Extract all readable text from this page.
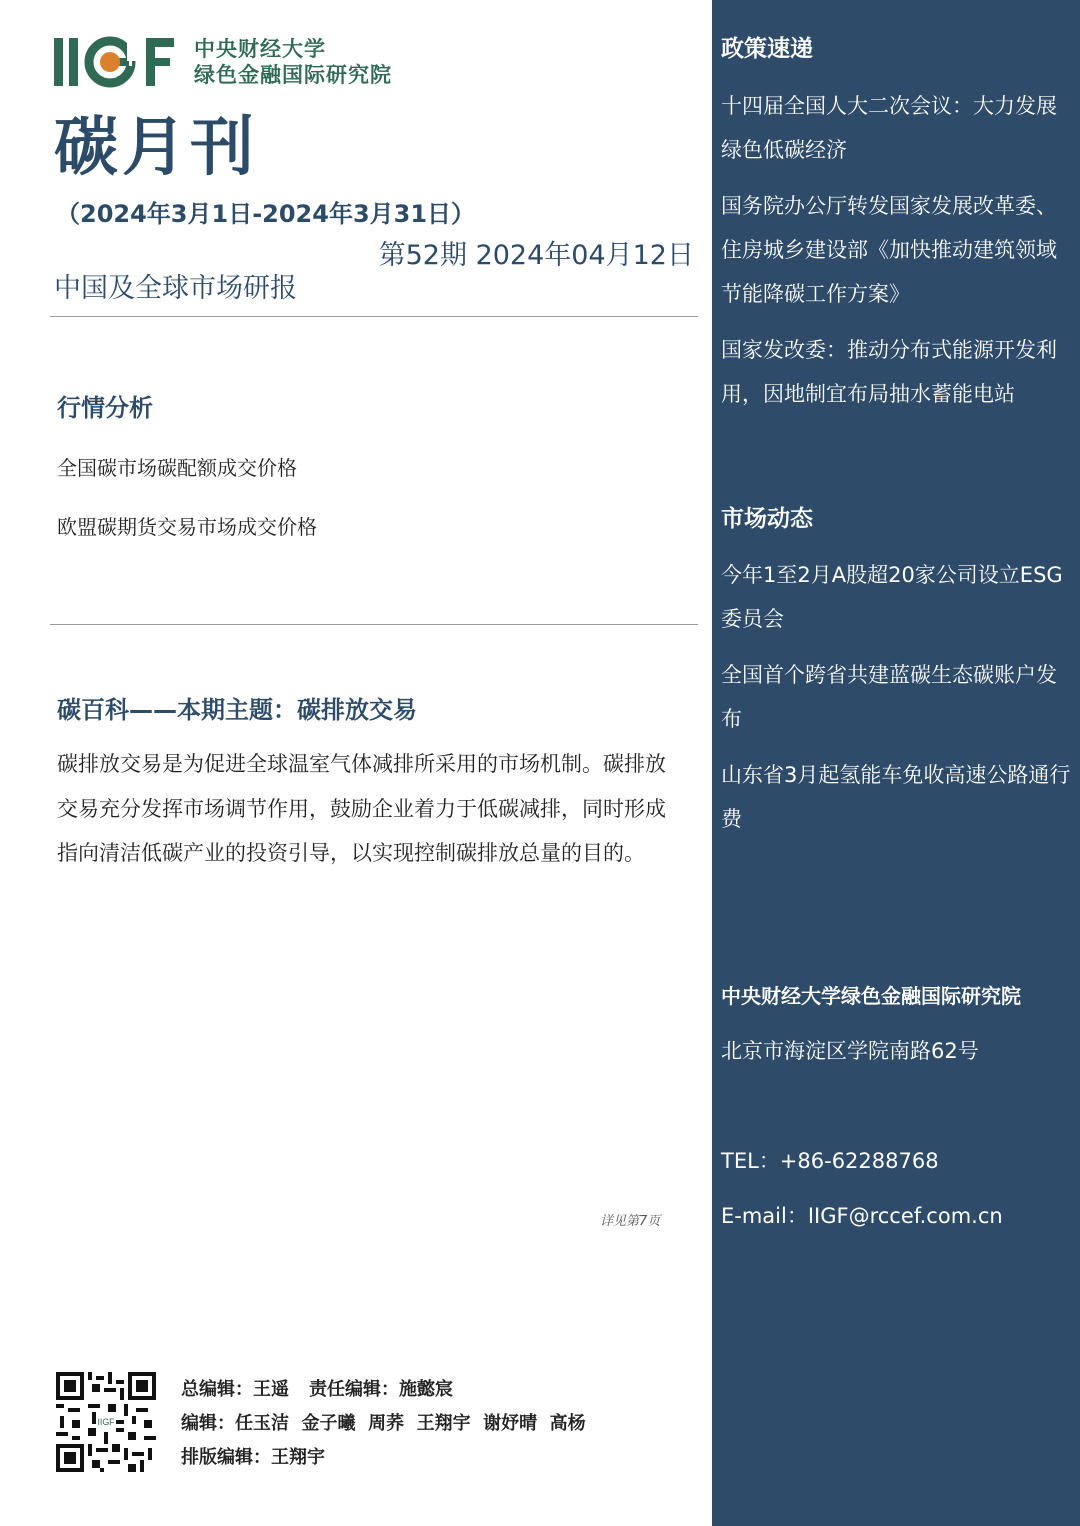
中央财经大学
绿色金融国际研究院
碳月刊
（2024年3月1日-2024年3月31日）
第52期 2024年04月12日
中国及全球市场研报
行情分析
全国碳市场碳配额成交价格
欧盟碳期货交易市场成交价格
碳百科——本期主题：碳排放交易
碳排放交易是为促进全球温室气体减排所采用的市场机制。碳排放交易充分发挥市场调节作用，鼓励企业着力于低碳减排，同时形成指向清洁低碳产业的投资引导，以实现控制碳排放总量的目的。
详见第7页
IIGF
总编辑：王遥 责任编辑：施懿宸
编辑：任玉洁  金子曦  周荞  王翔宇  谢妤晴  高杨
排版编辑：王翔宇
政策速递
十四届全国人大二次会议：大力发展绿色低碳经济
国务院办公厅转发国家发展改革委、住房城乡建设部《加快推动建筑领域节能降碳工作方案》
国家发改委：推动分布式能源开发利用，因地制宜布局抽水蓄能电站
市场动态
今年1至2月A股超20家公司设立ESG委员会
全国首个跨省共建蓝碳生态碳账户发布
山东省3月起氢能车免收高速公路通行费
中央财经大学绿色金融国际研究院
北京市海淀区学院南路62号
TEL：+86-62288768
E-mail：IIGF@rccef.com.cn
